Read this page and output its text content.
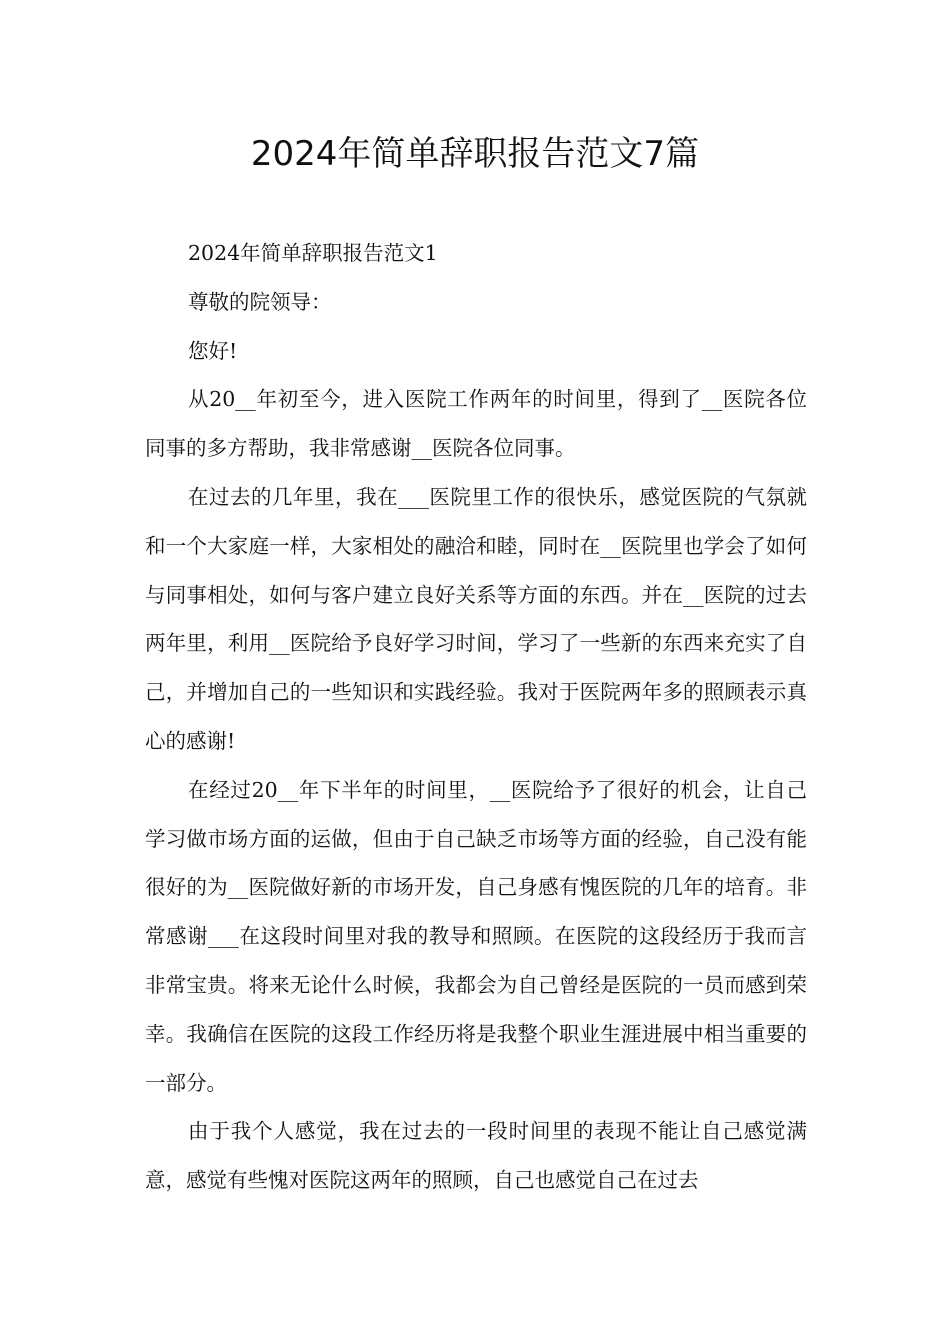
2024年简单辞职报告范文7篇

2024年简单辞职报告范文1

尊敬的院领导：

您好!

从20__年初至今，进入医院工作两年的时间里，得到了__医院各位同事的多方帮助，我非常感谢__医院各位同事。

在过去的几年里，我在___医院里工作的很快乐，感觉医院的气氛就和一个大家庭一样，大家相处的融洽和睦，同时在__医院里也学会了如何与同事相处，如何与客户建立良好关系等方面的东西。并在__医院的过去两年里，利用__医院给予良好学习时间，学习了一些新的东西来充实了自己，并增加自己的一些知识和实践经验。我对于医院两年多的照顾表示真心的感谢!

在经过20__年下半年的时间里，__医院给予了很好的机会，让自己学习做市场方面的运做，但由于自己缺乏市场等方面的经验，自己没有能很好的为__医院做好新的市场开发，自己身感有愧医院的几年的培育。非常感谢___在这段时间里对我的教导和照顾。在医院的这段经历于我而言非常宝贵。将来无论什么时候，我都会为自己曾经是医院的一员而感到荣幸。我确信在医院的这段工作经历将是我整个职业生涯进展中相当重要的一部分。

由于我个人感觉，我在过去的一段时间里的表现不能让自己感觉满意，感觉有些愧对医院这两年的照顾，自己也感觉自己在过去
